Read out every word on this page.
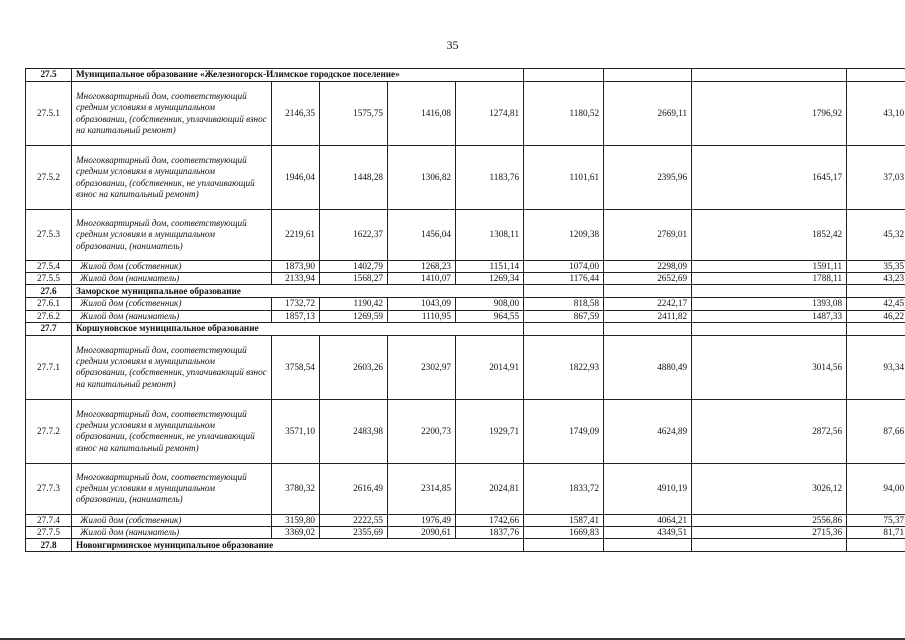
35
27.5	Муниципальное образование «Железногорск-Илимское городское поселение»								
27.5.1	Многоквартирный дом, соответствующий средним условиям в муниципальном образовании, (собственник, уплачивающий взнос на капитальный ремонт)	2146,35	1575,75	1416,08	1274,81	1180,52	2669,11	1796,92	43,10
27.5.2	Многоквартирный дом, соответствующий средним условиям в муниципальном образовании, (собственник, не уплачивающий взнос на капитальный ремонт)	1946,04	1448,28	1306,82	1183,76	1101,61	2395,96	1645,17	37,03
27.5.3	Многоквартирный дом, соответствующий средним условиям в муниципальном образовании, (наниматель)	2219,61	1622,37	1456,04	1308,11	1209,38	2769,01	1852,42	45,32
27.5.4	Жилой дом (собственник)	1873,90	1402,79	1268,23	1151,14	1074,00	2298,09	1591,11	35,35
27.5.5	Жилой дом (наниматель)	2133,94	1568,27	1410,07	1269,34	1176,44	2652,69	1788,11	43,23
27.6	Заморское муниципальное образование								
27.6.1	Жилой дом (собственник)	1732,72	1190,42	1043,09	908,00	818,58	2242,17	1393,08	42,45
27.6.2	Жилой дом (наниматель)	1857,13	1269,59	1110,95	964,55	867,59	2411,82	1487,33	46,22
27.7	Коршуновское муниципальное образование								
27.7.1	Многоквартирный дом, соответствующий средним условиям в муниципальном образовании, (собственник, уплачивающий взнос на капитальный ремонт)	3758,54	2603,26	2302,97	2014,91	1822,93	4880,49	3014,56	93,34
27.7.2	Многоквартирный дом, соответствующий средним условиям в муниципальном образовании, (собственник, не уплачивающий взнос на капитальный ремонт)	3571,10	2483,98	2200,73	1929,71	1749,09	4624,89	2872,56	87,66
27.7.3	Многоквартирный дом, соответствующий средним условиям в муниципальном образовании, (наниматель)	3780,32	2616,49	2314,85	2024,81	1833,72	4910,19	3026,12	94,00
27.7.4	Жилой дом (собственник)	3159,80	2222,55	1976,49	1742,66	1587,41	4064,21	2556,86	75,37
27.7.5	Жилой дом (наниматель)	3369,02	2355,69	2090,61	1837,76	1669,83	4349,51	2715,36	81,71
27.8	Новоигирминское муниципальное образование								
